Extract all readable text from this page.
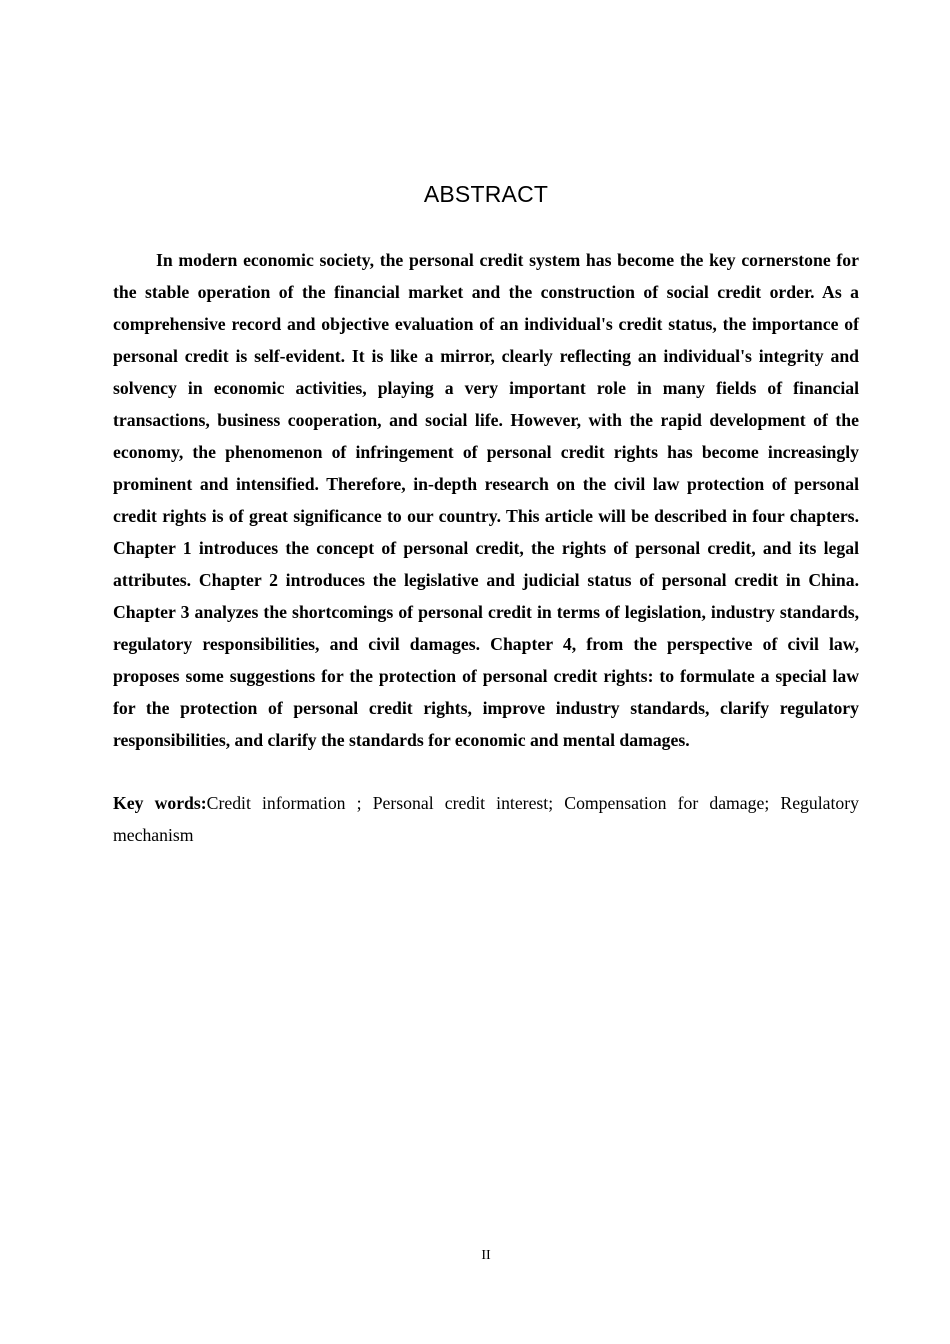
ABSTRACT

In modern economic society, the personal credit system has become the key cornerstone for the stable operation of the financial market and the construction of social credit order. As a comprehensive record and objective evaluation of an individual's credit status, the importance of personal credit is self-evident. It is like a mirror, clearly reflecting an individual's integrity and solvency in economic activities, playing a very important role in many fields of financial transactions, business cooperation, and social life. However, with the rapid development of the economy, the phenomenon of infringement of personal credit rights has become increasingly prominent and intensified. Therefore, in-depth research on the civil law protection of personal credit rights is of great significance to our country. This article will be described in four chapters. Chapter 1 introduces the concept of personal credit, the rights of personal credit, and its legal attributes. Chapter 2 introduces the legislative and judicial status of personal credit in China. Chapter 3 analyzes the shortcomings of personal credit in terms of legislation, industry standards, regulatory responsibilities, and civil damages. Chapter 4, from the perspective of civil law, proposes some suggestions for the protection of personal credit rights: to formulate a special law for the protection of personal credit rights, improve industry standards, clarify regulatory responsibilities, and clarify the standards for economic and mental damages.

Key words:Credit information ; Personal credit interest; Compensation for damage; Regulatory mechanism

II
